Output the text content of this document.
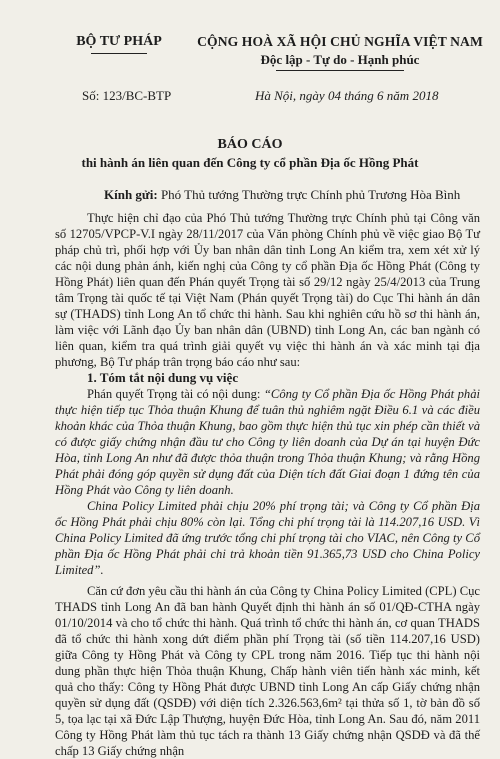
BỘ TƯ PHÁP	CỘNG HOÀ XÃ HỘI CHỦ NGHĨA VIỆT NAM
Độc lập - Tự do - Hạnh phúc
Số: 123/BC-BTP	Hà Nội, ngày 04 tháng 6 năm 2018
BÁO CÁO
thi hành án liên quan đến Công ty cổ phần Địa ốc Hồng Phát
Kính gửi: Phó Thủ tướng Thường trực Chính phủ Trương Hòa Bình

Thực hiện chỉ đạo của Phó Thủ tướng Thường trực Chính phủ tại Công văn số 12705/VPCP-V.I ngày 28/11/2017 của Văn phòng Chính phủ về việc giao Bộ Tư pháp chủ trì, phối hợp với Ủy ban nhân dân tỉnh Long An kiểm tra, xem xét xử lý các nội dung phản ánh, kiến nghị của Công ty cổ phần Địa ốc Hồng Phát (Công ty Hồng Phát) liên quan đến Phán quyết Trọng tài số 29/12 ngày 25/4/2013 của Trung tâm Trọng tài quốc tế tại Việt Nam (Phán quyết Trọng tài) do Cục Thi hành án dân sự (THADS) tỉnh Long An tổ chức thi hành. Sau khi nghiên cứu hồ sơ thi hành án, làm việc với Lãnh đạo Ủy ban nhân dân (UBND) tỉnh Long An, các ban ngành có liên quan, kiểm tra quá trình giải quyết vụ việc thi hành án và xác minh tại địa phương, Bộ Tư pháp trân trọng báo cáo như sau:

1. Tóm tắt nội dung vụ việc

Phán quyết Trọng tài có nội dung: “Công ty Cổ phần Địa ốc Hồng Phát phải thực hiện tiếp tục Thỏa thuận Khung để tuân thủ nghiêm ngặt Điều 6.1 và các điều khoản khác của Thỏa thuận Khung, bao gồm thực hiện thủ tục xin phép cần thiết và có được giấy chứng nhận đầu tư cho Công ty liên doanh của Dự án tại huyện Đức Hòa, tỉnh Long An như đã được thỏa thuận trong Thỏa thuận Khung; và rằng Hồng Phát phải đóng góp quyền sử dụng đất của Diện tích đất Giai đoạn 1 đứng tên của Hồng Phát vào Công ty liên doanh.

China Policy Limited phải chịu 20% phí trọng tài; và Công ty Cổ phần Địa ốc Hồng Phát phải chịu 80% còn lại. Tổng chi phí trọng tài là 114.207,16 USD. Vì China Policy Limited đã ứng trước tổng chi phí trọng tài cho VIAC, nên Công ty Cổ phần Địa ốc Hồng Phát phải chi trả khoản tiền 91.365,73 USD cho China Policy Limited”.

Căn cứ đơn yêu cầu thi hành án của Công ty China Policy Limited (CPL) Cục THADS tỉnh Long An đã ban hành Quyết định thi hành án số 01/QĐ-CTHA ngày 01/10/2014 và cho tổ chức thi hành. Quá trình tổ chức thi hành án, cơ quan THADS đã tổ chức thi hành xong dứt điểm phần phí Trọng tài (số tiền 114.207,16 USD) giữa Công ty Hồng Phát và Công ty CPL trong năm 2016. Tiếp tục thi hành nội dung phần thực hiện Thỏa thuận Khung, Chấp hành viên tiến hành xác minh, kết quả cho thấy: Công ty Hồng Phát được UBND tỉnh Long An cấp Giấy chứng nhận quyền sử dụng đất (QSDĐ) với diện tích 2.326.563,6m² tại thửa số 1, tờ bản đồ số 5, tọa lạc tại xã Đức Lập Thượng, huyện Đức Hòa, tỉnh Long An. Sau đó, năm 2011 Công ty Hồng Phát làm thủ tục tách ra thành 13 Giấy chứng nhận QSDĐ và đã thế chấp 13 Giấy chứng nhận
